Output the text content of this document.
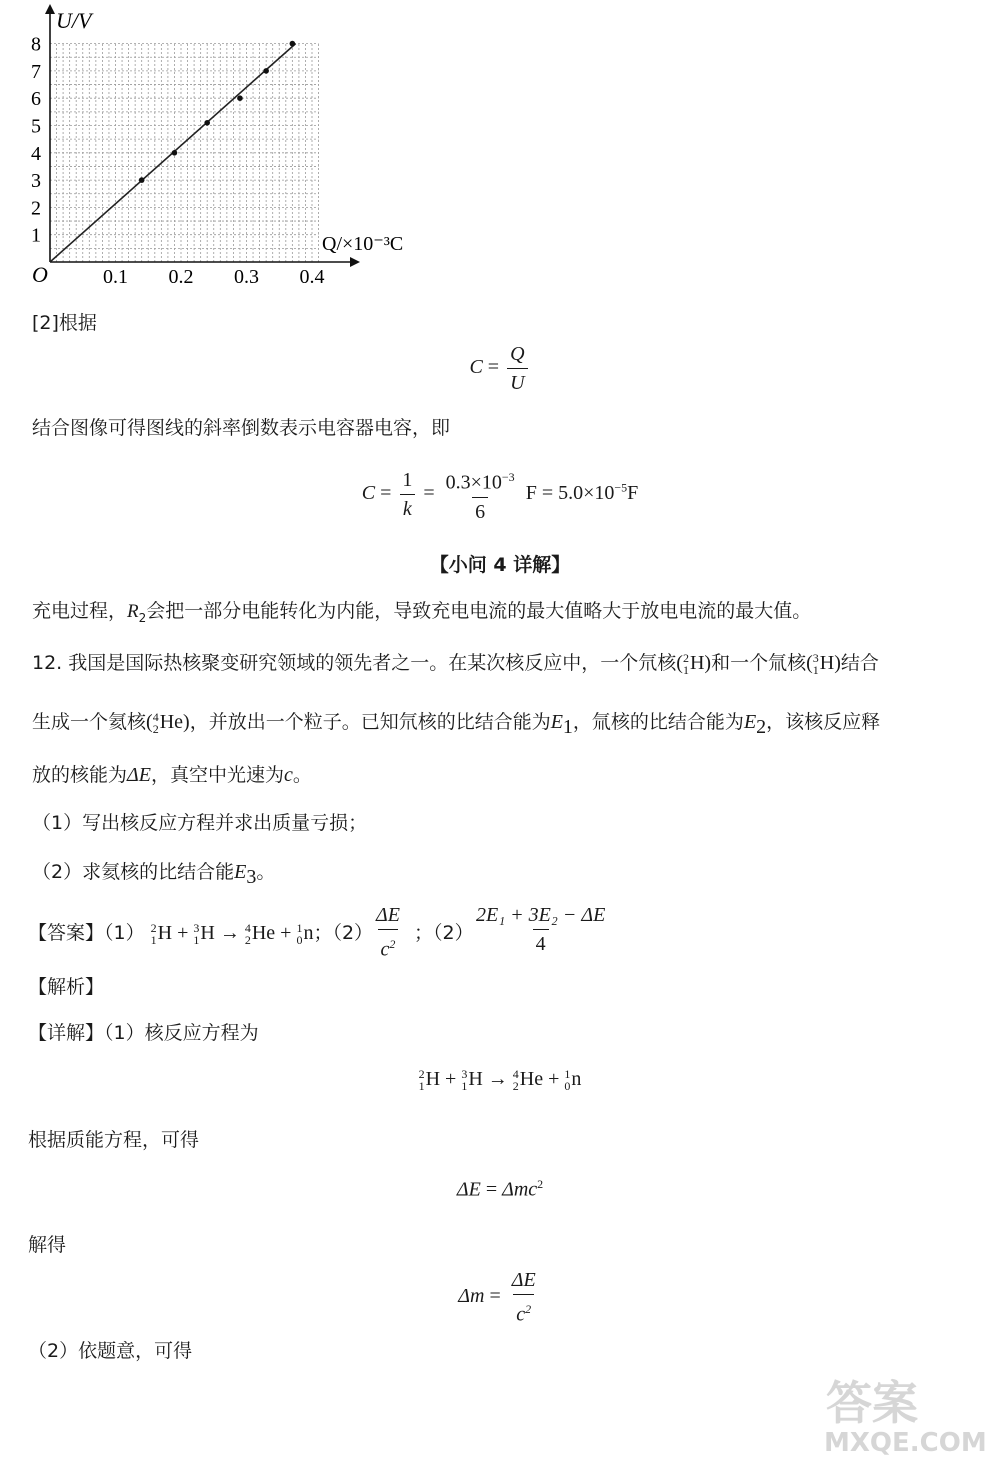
0.1 0.2 0.3 0.4
1
2
3
4
5
6
7
8
U/V
Q/×10⁻³C
O
[2]根据
$C = \frac{Q}{U}$
结合图像可得图线的斜率倒数表示电容器电容，即
$C = \frac{1}{k} = \frac{0.3\times 10^{-3}}{6}$ $F = 5.0\times 10^{-5}F$
【小问 4 详解】
充电过程，$R_2$会把一部分电能转化为内能，导致充电电流的最大值略大于放电电流的最大值。
12. 我国是国际热核聚变研究领域的领先者之一。在某次核反应中，一个氘核( 2
1 H)和一个氚核( 3
1 H)结合
生成一个氦核( 4
2 He)，并放出一个粒子。已知氘核的比结合能为$E_1$，氚核的比结合能为$E_2$，该核反应释
放的核能为ΔE，真空中光速为c。
（1）写出核反应方程并求出质量亏损；
（2）求氦核的比结合能$E_3$。
【答案】（1） 2
1 H + 3
1 H → 4
2 He + 1
0 n；$(2) \frac{\Delta E}{c^2}$	$\frac{\text{2E₁ + 3E₂ − ΔE}}{4}$
；（2）
【解析】
【详解】（1）核反应方程为
2
1 H + 3
1 H → 4
2 He + 1
0 n
根据质能方程，可得
ΔE = Δmc$^2$
解得
$\Delta m = \frac{\Delta E}{c^2}$
（2）依题意，可得
答案
MXQE.COM
